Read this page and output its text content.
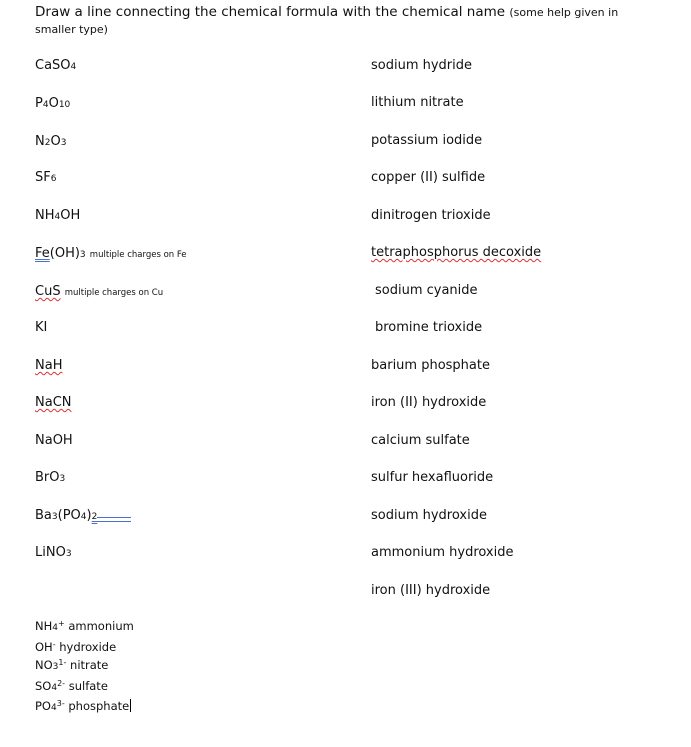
Draw a line connecting the chemical formula with the chemical name (some help given in smaller type)
CaSO4
P4O10
N2O3
SF6
NH4OH
Fe(OH)3 multiple charges on Fe
CuS multiple charges on Cu
KI
NaH
NaCN
NaOH
BrO3
Ba3(PO4)2
LiNO3
sodium hydride
lithium nitrate
potassium iodide
copper (II) sulfide
dinitrogen trioxide
tetraphosphorus decoxide
sodium cyanide
bromine trioxide
barium phosphate
iron (II) hydroxide
calcium sulfate
sulfur hexafluoride
sodium hydroxide
ammonium hydroxide
iron (III) hydroxide
NH4+ ammonium
OH- hydroxide
$NO3^{1-}$ nitrate
$SO4^{2-}$ sulfate
$PO4^{3-}$ phosphate
